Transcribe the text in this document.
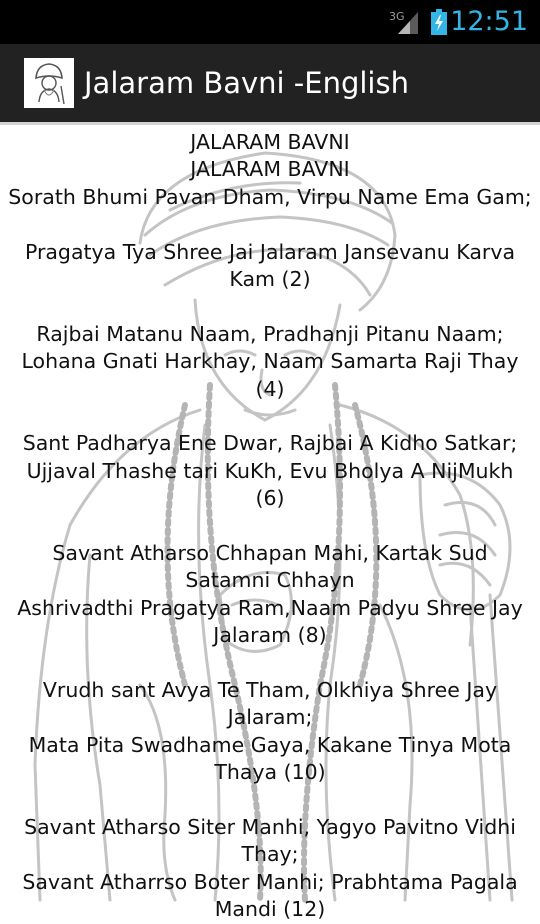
3G 12:51
Jalaram Bavni -English
JALARAM BAVNI
JALARAM BAVNI
Sorath Bhumi Pavan Dham, Virpu Name Ema Gam;
Pragatya Tya Shree Jai Jalaram Jansevanu Karva
Kam (2)
Rajbai Matanu Naam, Pradhanji Pitanu Naam;
Lohana Gnati Harkhay, Naam Samarta Raji Thay
(4)
Sant Padharya Ene Dwar, Rajbai A Kidho Satkar;
Ujjaval Thashe tari KuKh, Evu Bholya A NijMukh
(6)
Savant Atharso Chhapan Mahi, Kartak Sud
Satamni Chhayn
Ashrivadthi Pragatya Ram,Naam Padyu Shree Jay
Jalaram (8)
Vrudh sant Avya Te Tham, Olkhiya Shree Jay
Jalaram;
Mata Pita Swadhame Gaya, Kakane Tinya Mota
Thaya (10)
Savant Atharso Siter Manhi, Yagyo Pavitno Vidhi
Thay;
Savant Atharrso Boter Manhi; Prabhtama Pagala
Mandi (12)
